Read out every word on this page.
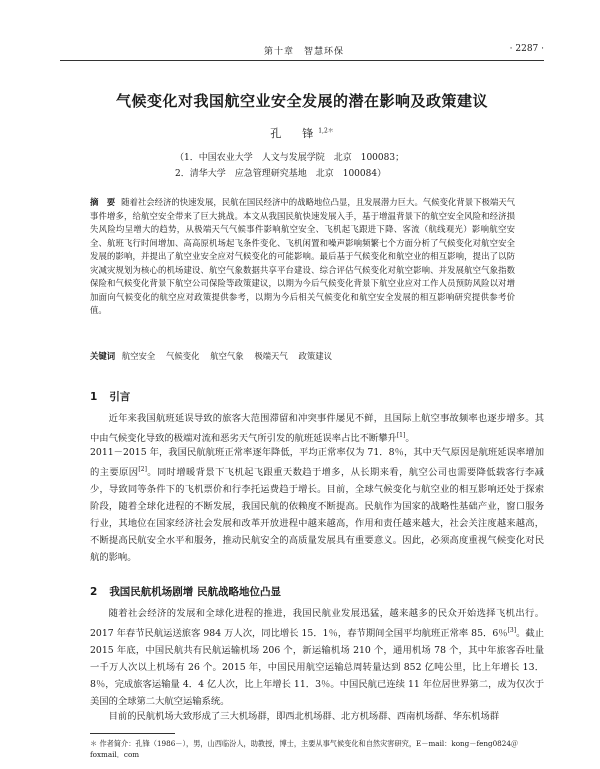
第十章　智慧环保	· 2287 ·
气候变化对我国航空业安全发展的潜在影响及政策建议
孔　锋$^{1,2*}$
（1．中国农业大学　人文与发展学院　北京　100083；
2．清华大学　应急管理研究基地　北京　100084）
摘　要 随着社会经济的快速发展，民航在国民经济中的战略地位凸显，且发展潜力巨大。气候变化背景下极端天气事件增多，给航空安全带来了巨大挑战。本文从我国民航快速发展入手，基于增温背景下的航空安全风险和经济损失风险均呈增大的趋势，从极端天气气候事件影响航空安全、飞机起飞跟进下降、客流（航线观光）影响航空安全、航班飞行时间增加、高高原机场起飞条件变化、飞机闲置和噪声影响频繁七个方面分析了气候变化对航空安全发展的影响，并提出了航空业安全应对气候变化的可能影响。最后基于气候变化和航空业的相互影响，提出了以防灾减灾规划为核心的机场建设、航空气象数据共享平台建设、综合评估气候变化对航空影响、并发展航空气象指数保险和气候变化背景下航空公司保险等政策建议，以期为今后气候变化背景下航空业应对工作人员预防风险以对增加面向气候变化的航空应对政策提供参考，以期为今后相关气候变化和航空安全发展的相互影响研究提供参考价值。
关键词 航空安全 气候变化 航空气象 极端天气 政策建议
1 引言
近年来我国航班延误导致的旅客大范围滞留和冲突事件屡见不鲜，且国际上航空事故频率也逐步增多。其中由气候变化导致的极端对流和恶劣天气所引发的航班延误率占比不断攀升[1]。
2011－2015 年，我国民航航班正常率逐年降低，平均正常率仅为 71．8％，其中天气原因是航班延误率增加的主要原因[2]。同时增暖背景下飞机起飞跟重天数趋于增多，从长期来看，航空公司也需要降低载客行李减少，导致同等条件下的飞机票价和行李托运费趋于增长。目前，全球气候变化与航空业的相互影响还处于探索阶段，随着全球化进程的不断发展，我国民航的依赖度不断提高。民航作为国家的战略性基础产业，窗口服务行业，其地位在国家经济社会发展和改革开放进程中越来越高，作用和责任越来越大，社会关注度越来越高，不断提高民航安全水平和服务，推动民航安全的高质量发展具有重要意义。因此，必须高度重视气候变化对民航的影响。
2 我国民航机场剧增 民航战略地位凸显
随着社会经济的发展和全球化进程的推进，我国民航业发展迅猛，越来越多的民众开始选择飞机出行。2017 年春节民航运送旅客 984 万人次，同比增长 15．1％，春节期间全国平均航班正常率 85．6％[3]。截止 2015 年底，中国民航共有民航运输机场 206 个，新运输机场 210 个，通用机场 78 个，其中年旅客吞吐量一千万人次以上机场有 26 个。2015 年，中国民用航空运输总周转量达到 852 亿吨公里，比上年增长 13．8％，完成旅客运输量 4．4 亿人次，比上年增长 11．3％。中国民航已连续 11 年位居世界第二，成为仅次于美国的全球第二大航空运输系统。
目前的民航机场大致形成了三大机场群，即西北机场群、北方机场群、西南机场群、华东机场群
＊ 作者简介：孔锋（1986－），男，山西临汾人，助教授，博士，主要从事气候变化和自然灾害研究，E－mail：kong－feng0824＠foxmail．com
